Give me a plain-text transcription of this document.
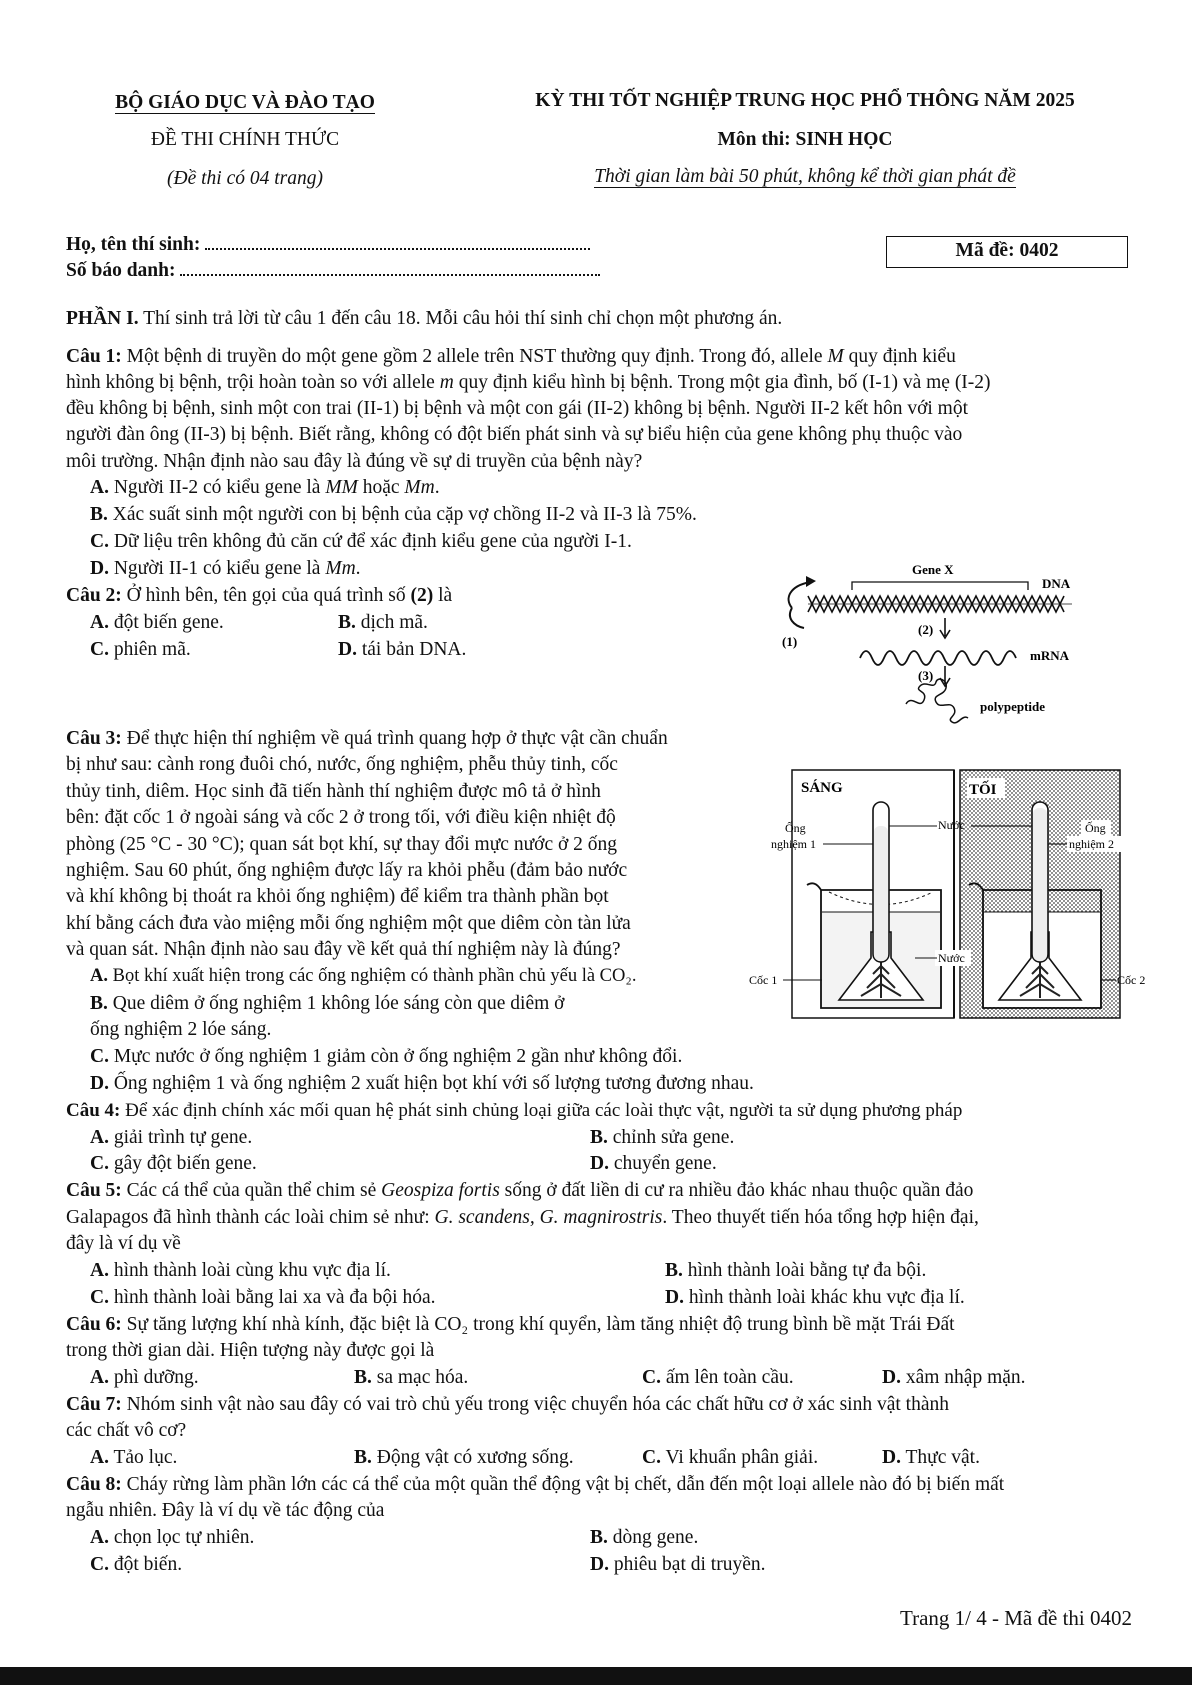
BỘ GIÁO DỤC VÀ ĐÀO TẠO
ĐỀ THI CHÍNH THỨC
(Đề thi có 04 trang)
KỲ THI TỐT NGHIỆP TRUNG HỌC PHỔ THÔNG NĂM 2025
Môn thi: SINH HỌC
Thời gian làm bài 50 phút, không kể thời gian phát đề
Họ, tên thí sinh:
Số báo danh:
Mã đề: 0402
PHẦN I. Thí sinh trả lời từ câu 1 đến câu 18. Mỗi câu hỏi thí sinh chỉ chọn một phương án.
Câu 1: Một bệnh di truyền do một gene gồm 2 allele trên NST thường quy định. Trong đó, allele M quy định kiểu
hình không bị bệnh, trội hoàn toàn so với allele m quy định kiểu hình bị bệnh. Trong một gia đình, bố (I-1) và mẹ (I-2)
đều không bị bệnh, sinh một con trai (II-1) bị bệnh và một con gái (II-2) không bị bệnh. Người II-2 kết hôn với một
người đàn ông (II-3) bị bệnh. Biết rằng, không có đột biến phát sinh và sự biểu hiện của gene không phụ thuộc vào
môi trường. Nhận định nào sau đây là đúng về sự di truyền của bệnh này?
A. Người II-2 có kiểu gene là MM hoặc Mm.
B. Xác suất sinh một người con bị bệnh của cặp vợ chồng II-2 và II-3 là 75%.
C. Dữ liệu trên không đủ căn cứ để xác định kiểu gene của người I-1.
D. Người II-1 có kiểu gene là Mm.
Câu 2: Ở hình bên, tên gọi của quá trình số (2) là
A. đột biến gene.	B. dịch mã.
C. phiên mã.	D. tái bản DNA.
Gene X
DNA
(1)
(2)
mRNA
(3)
polypeptide
Câu 3: Để thực hiện thí nghiệm về quá trình quang hợp ở thực vật cần chuẩn
bị như sau: cành rong đuôi chó, nước, ống nghiệm, phễu thủy tinh, cốc
thủy tinh, diêm. Học sinh đã tiến hành thí nghiệm được mô tả ở hình
bên: đặt cốc 1 ở ngoài sáng và cốc 2 ở trong tối, với điều kiện nhiệt độ
phòng (25 °C - 30 °C); quan sát bọt khí, sự thay đổi mực nước ở 2 ống
nghiệm. Sau 60 phút, ống nghiệm được lấy ra khỏi phễu (đảm bảo nước
và khí không bị thoát ra khỏi ống nghiệm) để kiểm tra thành phần bọt
khí bằng cách đưa vào miệng mỗi ống nghiệm một que diêm còn tàn lửa
và quan sát. Nhận định nào sau đây về kết quả thí nghiệm này là đúng?
A. Bọt khí xuất hiện trong các ống nghiệm có thành phần chủ yếu là CO₂.
B. Que diêm ở ống nghiệm 1 không lóe sáng còn que diêm ở
ống nghiệm 2 lóe sáng.
C. Mực nước ở ống nghiệm 1 giảm còn ở ống nghiệm 2 gần như không đổi.
D. Ống nghiệm 1 và ống nghiệm 2 xuất hiện bọt khí với số lượng tương đương nhau.
SÁNG	TỐI
Ống
nghiệm 1
Nước	Ống
nghiệm 2
Nước
Cốc 1	Cốc 2
Câu 4: Để xác định chính xác mối quan hệ phát sinh chủng loại giữa các loài thực vật, người ta sử dụng phương pháp
A. giải trình tự gene.	B. chỉnh sửa gene.
C. gây đột biến gene.	D. chuyển gene.
Câu 5: Các cá thể của quần thể chim sẻ Geospiza fortis sống ở đất liền di cư ra nhiều đảo khác nhau thuộc quần đảo
Galapagos đã hình thành các loài chim sẻ như: G. scandens, G. magnirostris. Theo thuyết tiến hóa tổng hợp hiện đại,
đây là ví dụ về
A. hình thành loài cùng khu vực địa lí.	B. hình thành loài bằng tự đa bội.
C. hình thành loài bằng lai xa và đa bội hóa.	D. hình thành loài khác khu vực địa lí.
Câu 6: Sự tăng lượng khí nhà kính, đặc biệt là CO₂ trong khí quyển, làm tăng nhiệt độ trung bình bề mặt Trái Đất
trong thời gian dài. Hiện tượng này được gọi là
A. phì dưỡng.	B. sa mạc hóa.	C. ấm lên toàn cầu.	D. xâm nhập mặn.
Câu 7: Nhóm sinh vật nào sau đây có vai trò chủ yếu trong việc chuyển hóa các chất hữu cơ ở xác sinh vật thành
các chất vô cơ?
A. Tảo lục.	B. Động vật có xương sống.	C. Vi khuẩn phân giải.	D. Thực vật.
Câu 8: Cháy rừng làm phần lớn các cá thể của một quần thể động vật bị chết, dẫn đến một loại allele nào đó bị biến mất
ngẫu nhiên. Đây là ví dụ về tác động của
A. chọn lọc tự nhiên.	B. dòng gene.
C. đột biến.	D. phiêu bạt di truyền.
Trang 1/ 4 - Mã đề thi 0402
